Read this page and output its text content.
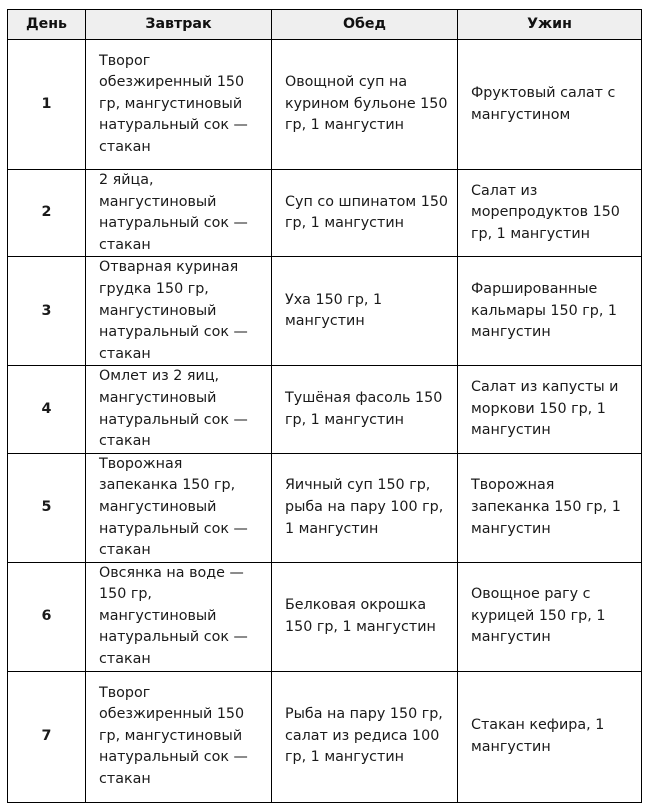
День	Завтрак	Обед	Ужин
1	Творог обезжиренный 150 гр, мангустиновый натуральный сок — стакан	Овощной суп на курином бульоне 150 гр, 1 мангустин	Фруктовый салат с мангустином
2	2 яйца, мангустиновый натуральный сок — стакан	Суп со шпинатом 150 гр, 1 мангустин	Салат из морепродуктов 150 гр, 1 мангустин
3	Отварная куриная грудка 150 гр, мангустиновый натуральный сок — стакан	Уха 150 гр, 1 мангустин	Фаршированные кальмары 150 гр, 1 мангустин
4	Омлет из 2 яиц, мангустиновый натуральный сок — стакан	Тушёная фасоль 150 гр, 1 мангустин	Салат из капусты и моркови 150 гр, 1 мангустин
5	Творожная запеканка 150 гр, мангустиновый натуральный сок — стакан	Яичный суп 150 гр, рыба на пару 100 гр, 1 мангустин	Творожная запеканка 150 гр, 1 мангустин
6	Овсянка на воде — 150 гр, мангустиновый натуральный сок — стакан	Белковая окрошка 150 гр, 1 мангустин	Овощное рагу с курицей 150 гр, 1 мангустин
7	Творог обезжиренный 150 гр, мангустиновый натуральный сок — стакан	Рыба на пару 150 гр, салат из редиса 100 гр, 1 мангустин	Стакан кефира, 1 мангустин
